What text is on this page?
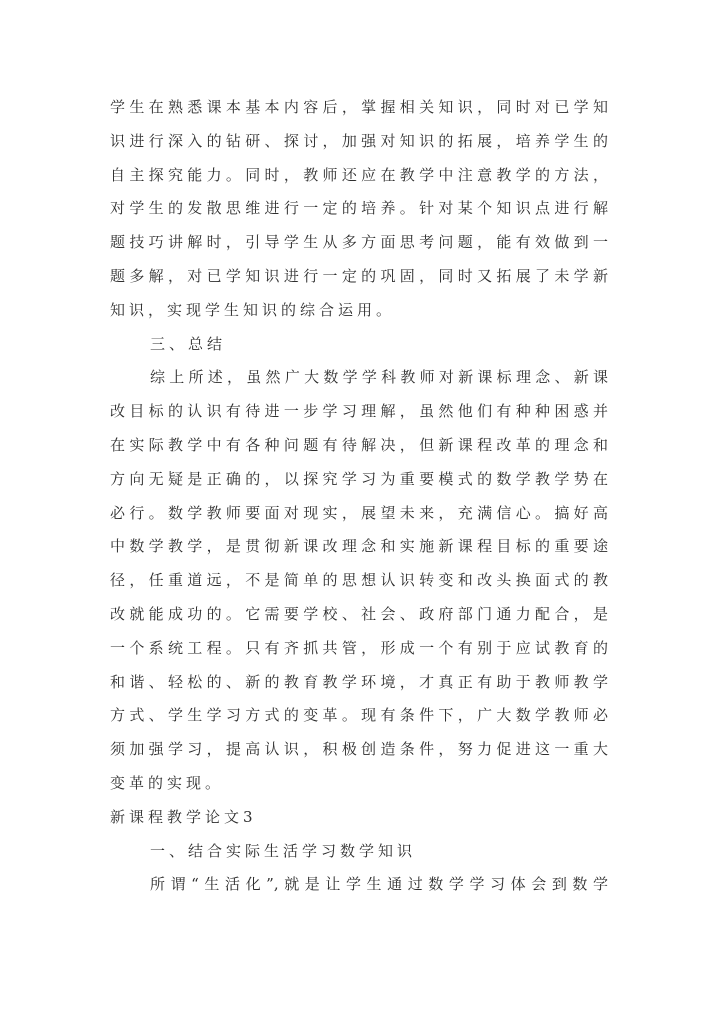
学生在熟悉课本基本内容后，掌握相关知识，同时对已学知
识进行深入的钻研、探讨，加强对知识的拓展，培养学生的
自主探究能力。同时，教师还应在教学中注意教学的方法，
对学生的发散思维进行一定的培养。针对某个知识点进行解
题技巧讲解时，引导学生从多方面思考问题，能有效做到一
题多解，对已学知识进行一定的巩固，同时又拓展了未学新
知识，实现学生知识的综合运用。
三、总结
综上所述，虽然广大数学学科教师对新课标理念、新课
改目标的认识有待进一步学习理解，虽然他们有种种困惑并
在实际教学中有各种问题有待解决，但新课程改革的理念和
方向无疑是正确的，以探究学习为重要模式的数学教学势在
必行。数学教师要面对现实，展望未来，充满信心。搞好高
中数学教学，是贯彻新课改理念和实施新课程目标的重要途
径，任重道远，不是简单的思想认识转变和改头换面式的教
改就能成功的。它需要学校、社会、政府部门通力配合，是
一个系统工程。只有齐抓共管，形成一个有别于应试教育的
和谐、轻松的、新的教育教学环境，才真正有助于教师教学
方式、学生学习方式的变革。现有条件下，广大数学教师必
须加强学习，提高认识，积极创造条件，努力促进这一重大
变革的实现。
新课程教学论文3
一、结合实际生活学习数学知识
所谓“生活化”,就是让学生通过数学学习体会到数学
